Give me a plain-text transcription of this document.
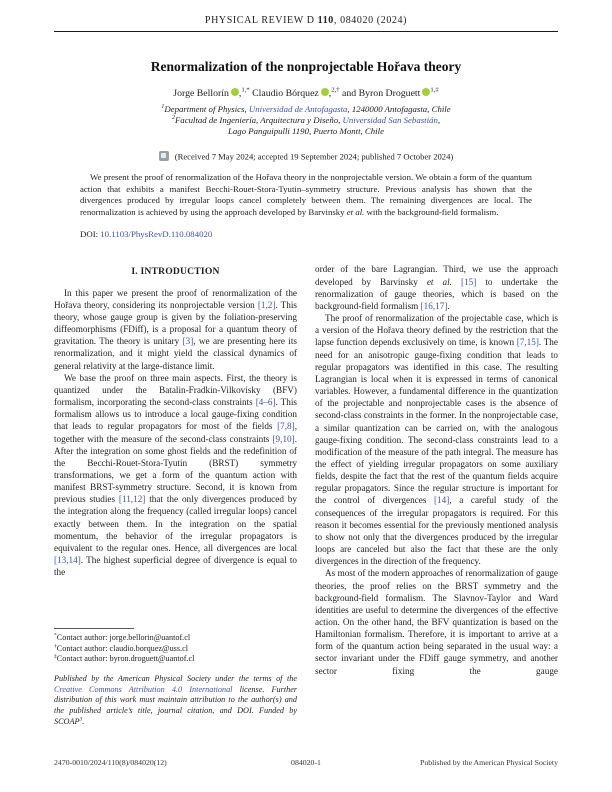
PHYSICAL REVIEW D 110, 084020 (2024)
Renormalization of the nonprojectable Hořava theory

Jorge Bellorín ,$^{1,*}$ Claudio Bórquez ,$^{2,\dagger}$ and Byron Droguett $^{1,\ddagger}$

$^1$Department of Physics, Universidad de Antofagasta, 1240000 Antofagasta, Chile
$^2$Facultad de Ingeniería, Arquitectura y Diseño, Universidad San Sebastián,
Lago Panguipulli 1190, Puerto Montt, Chile

(Received 7 May 2024; accepted 19 September 2024; published 7 October 2024)

We present the proof of renormalization of the Hořava theory in the nonprojectable version. We obtain a form of the quantum action that exhibits a manifest Becchi-Rouet-Stora-Tyutin–symmetry structure. Previous analysis has shown that the divergences produced by irregular loops cancel completely between them. The remaining divergences are local. The renormalization is achieved by using the approach developed by Barvinsky et al. with the background-field formalism.

DOI: 10.1103/PhysRevD.110.084020

I. INTRODUCTION

In this paper we present the proof of renormalization of the Hořava theory, considering its nonprojectable version [1,2]. This theory, whose gauge group is given by the foliation-preserving diffeomorphisms (FDiff), is a proposal for a quantum theory of gravitation. The theory is unitary [3], we are presenting here its renormalization, and it might yield the classical dynamics of general relativity at the large-distance limit.

We base the proof on three main aspects. First, the theory is quantized under the Batalin-Fradkin-Vilkovisky (BFV) formalism, incorporating the second-class constraints [4–6]. This formalism allows us to introduce a local gauge-fixing condition that leads to regular propagators for most of the fields [7,8], together with the measure of the second-class constraints [9,10]. After the integration on some ghost fields and the redefinition of the Becchi-Rouet-Stora-Tyutin (BRST) symmetry transformations, we get a form of the quantum action with manifest BRST-symmetry structure. Second, it is known from previous studies [11,12] that the only divergences produced by the integration along the frequency (called irregular loops) cancel exactly between them. In the integration on the spatial momentum, the behavior of the irregular propagators is equivalent to the regular ones. Hence, all divergences are local [13,14]. The highest superficial degree of divergence is equal to the

*Contact author: jorge.bellorin@uantof.cl
†Contact author: claudio.borquez@uss.cl
‡Contact author: byron.droguett@uantof.cl
Published by the American Physical Society under the terms of the Creative Commons Attribution 4.0 International license. Further distribution of this work must maintain attribution to the author(s) and the published article’s title, journal citation, and DOI. Funded by SCOAP$^3$.

order of the bare Lagrangian. Third, we use the approach developed by Barvinsky et al. [15] to undertake the renormalization of gauge theories, which is based on the background-field formalism [16,17].

The proof of renormalization of the projectable case, which is a version of the Hořava theory defined by the restriction that the lapse function depends exclusively on time, is known [7,15]. The need for an anisotropic gauge-fixing condition that leads to regular propagators was identified in this case. The resulting Lagrangian is local when it is expressed in terms of canonical variables. However, a fundamental difference in the quantization of the projectable and nonprojectable cases is the absence of second-class constraints in the former. In the nonprojectable case, a similar quantization can be carried on, with the analogous gauge-fixing condition. The second-class constraints lead to a modification of the measure of the path integral. The measure has the effect of yielding irregular propagators on some auxiliary fields, despite the fact that the rest of the quantum fields acquire regular propagators. Since the regular structure is important for the control of divergences [14], a careful study of the consequences of the irregular propagators is required. For this reason it becomes essential for the previously mentioned analysis to show not only that the divergences produced by the irregular loops are canceled but also the fact that these are the only divergences in the direction of the frequency.

As most of the modern approaches of renormalization of gauge theories, the proof relies on the BRST symmetry and the background-field formalism. The Slavnov-Taylor and Ward identities are useful to determine the divergences of the effective action. On the other hand, the BFV quantization is based on the Hamiltonian formalism. Therefore, it is important to arrive at a form of the quantum action being separated in the usual way: a sector invariant under the FDiff gauge symmetry, and another sector fixing the gauge

2470-0010/2024/110(8)/084020(12)	084020-1	Published by the American Physical Society
